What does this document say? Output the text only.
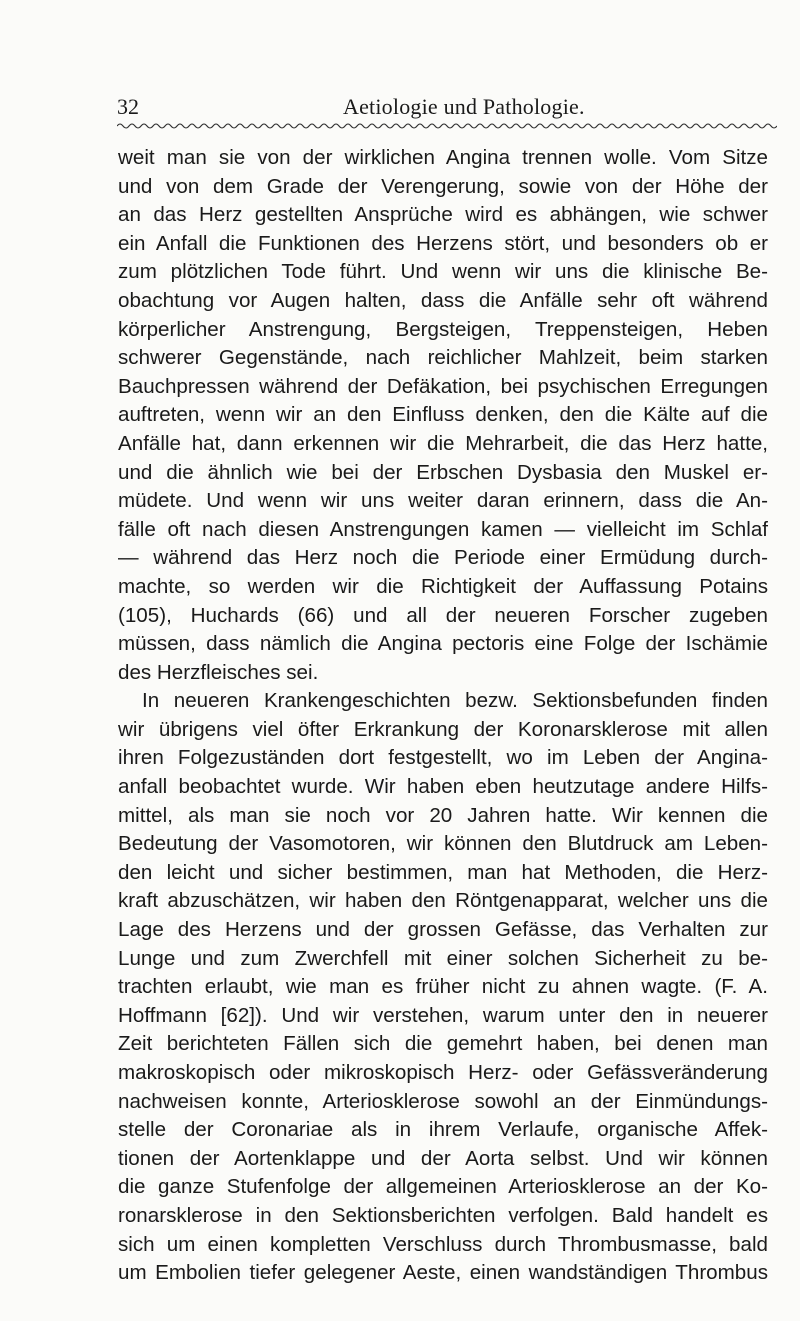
32	Aetiologie und Pathologie.
weit man sie von der wirklichen Angina trennen wolle. Vom Sitze
und von dem Grade der Verengerung, sowie von der Höhe der
an das Herz gestellten Ansprüche wird es abhängen, wie schwer
ein Anfall die Funktionen des Herzens stört, und besonders ob er
zum plötzlichen Tode führt. Und wenn wir uns die klinische Be-
obachtung vor Augen halten, dass die Anfälle sehr oft während
körperlicher Anstrengung, Bergsteigen, Treppensteigen, Heben
schwerer Gegenstände, nach reichlicher Mahlzeit, beim starken
Bauchpressen während der Defäkation, bei psychischen Erregungen
auftreten, wenn wir an den Einfluss denken, den die Kälte auf die
Anfälle hat, dann erkennen wir die Mehrarbeit, die das Herz hatte,
und die ähnlich wie bei der Erbschen Dysbasia den Muskel er-
müdete. Und wenn wir uns weiter daran erinnern, dass die An-
fälle oft nach diesen Anstrengungen kamen — vielleicht im Schlaf
— während das Herz noch die Periode einer Ermüdung durch-
machte, so werden wir die Richtigkeit der Auffassung Potains
(105), Huchards (66) und all der neueren Forscher zugeben
müssen, dass nämlich die Angina pectoris eine Folge der Ischämie
des Herzfleisches sei.
In neueren Krankengeschichten bezw. Sektionsbefunden finden
wir übrigens viel öfter Erkrankung der Koronarsklerose mit allen
ihren Folgezuständen dort festgestellt, wo im Leben der Angina-
anfall beobachtet wurde. Wir haben eben heutzutage andere Hilfs-
mittel, als man sie noch vor 20 Jahren hatte. Wir kennen die
Bedeutung der Vasomotoren, wir können den Blutdruck am Leben-
den leicht und sicher bestimmen, man hat Methoden, die Herz-
kraft abzuschätzen, wir haben den Röntgenapparat, welcher uns die
Lage des Herzens und der grossen Gefässe, das Verhalten zur
Lunge und zum Zwerchfell mit einer solchen Sicherheit zu be-
trachten erlaubt, wie man es früher nicht zu ahnen wagte. (F. A.
Hoffmann [62]). Und wir verstehen, warum unter den in neuerer
Zeit berichteten Fällen sich die gemehrt haben, bei denen man
makroskopisch oder mikroskopisch Herz- oder Gefässveränderung
nachweisen konnte, Arteriosklerose sowohl an der Einmündungs-
stelle der Coronariae als in ihrem Verlaufe, organische Affek-
tionen der Aortenklappe und der Aorta selbst. Und wir können
die ganze Stufenfolge der allgemeinen Arteriosklerose an der Ko-
ronarsklerose in den Sektionsberichten verfolgen. Bald handelt es
sich um einen kompletten Verschluss durch Thrombusmasse, bald
um Embolien tiefer gelegener Aeste, einen wandständigen Thrombus
